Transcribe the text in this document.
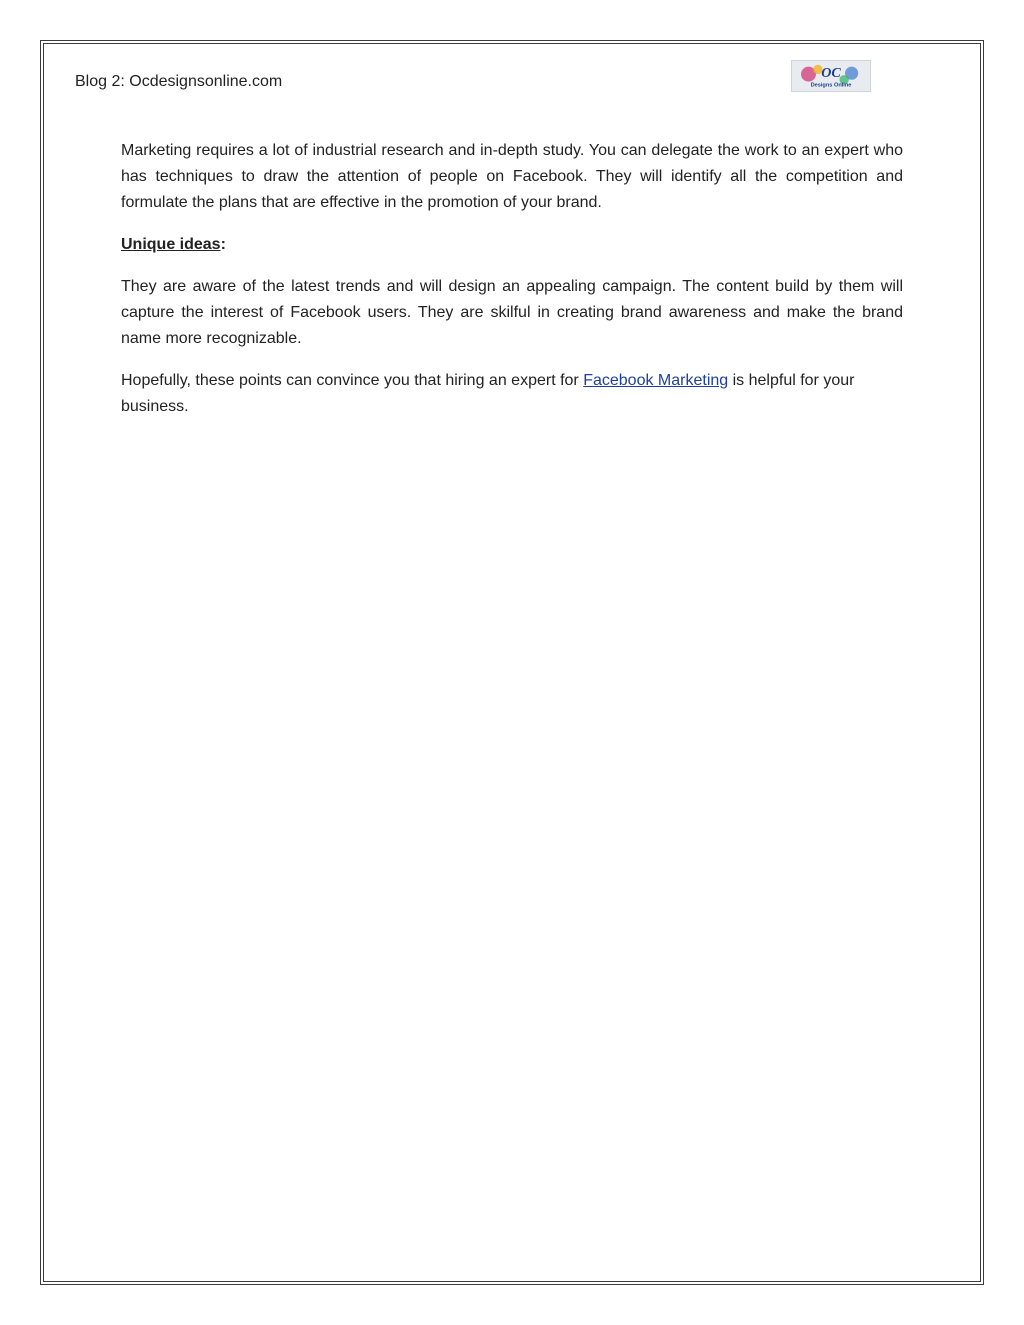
Blog 2: Ocdesignsonline.com
OC
Designs Online

Marketing requires a lot of industrial research and in-depth study. You can delegate the work to an expert who has techniques to draw the attention of people on Facebook. They will identify all the competition and formulate the plans that are effective in the promotion of your brand.

Unique ideas:

They are aware of the latest trends and will design an appealing campaign. The content build by them will capture the interest of Facebook users. They are skilful in creating brand awareness and make the brand name more recognizable.

Hopefully, these points can convince you that hiring an expert for Facebook Marketing is helpful for your business.
